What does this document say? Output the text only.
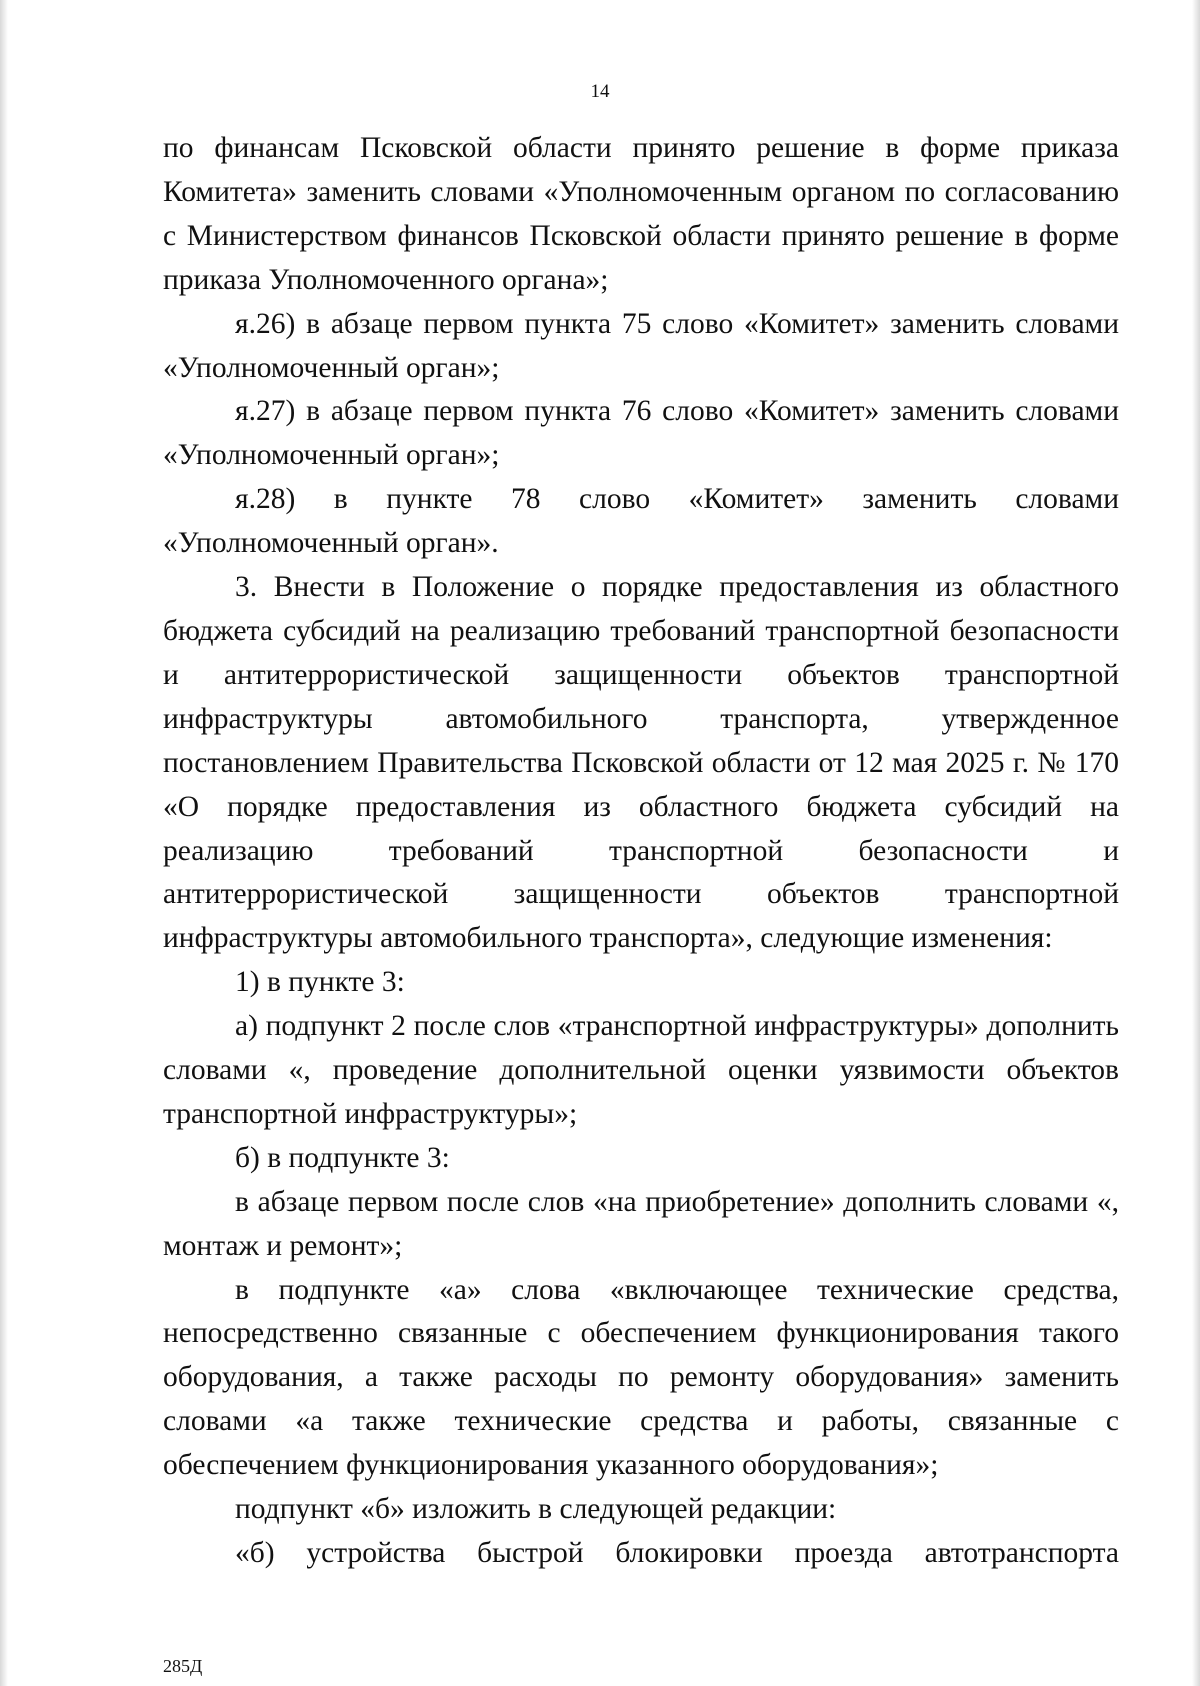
14

по финансам Псковской области принято решение в форме приказа Комитета» заменить словами «Уполномоченным органом по согласованию с Министерством финансов Псковской области принято решение в форме приказа Уполномоченного органа»;

я.26) в абзаце первом пункта 75 слово «Комитет» заменить словами «Уполномоченный орган»;

я.27) в абзаце первом пункта 76 слово «Комитет» заменить словами «Уполномоченный орган»;

я.28) в пункте 78 слово «Комитет» заменить словами «Уполномоченный орган».

3. Внести в Положение о порядке предоставления из областного бюджета субсидий на реализацию требований транспортной безопасности и антитеррористической защищенности объектов транспортной инфраструктуры автомобильного транспорта, утвержденное постановлением Правительства Псковской области от 12 мая 2025 г. № 170 «О порядке предоставления из областного бюджета субсидий на реализацию требований транспортной безопасности и антитеррористической защищенности объектов транспортной инфраструктуры автомобильного транспорта», следующие изменения:

1) в пункте 3:

а) подпункт 2 после слов «транспортной инфраструктуры» дополнить словами «, проведение дополнительной оценки уязвимости объектов транспортной инфраструктуры»;

б) в подпункте 3:

в абзаце первом после слов «на приобретение» дополнить словами «, монтаж и ремонт»;

в подпункте «а» слова «включающее технические средства, непосредственно связанные с обеспечением функционирования такого оборудования, а также расходы по ремонту оборудования» заменить словами «а также технические средства и работы, связанные с обеспечением функционирования указанного оборудования»;

подпункт «б» изложить в следующей редакции:

«б) устройства быстрой блокировки проезда автотранспорта

285Д
